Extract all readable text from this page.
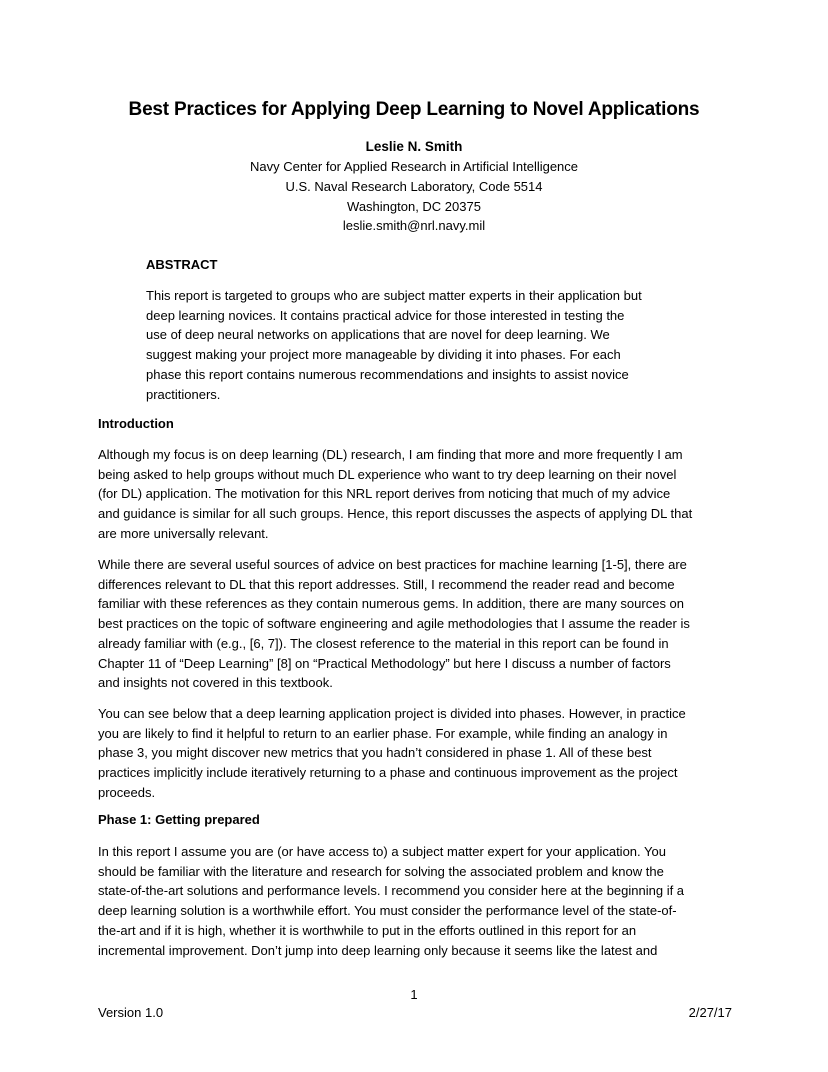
Best Practices for Applying Deep Learning to Novel Applications
Leslie N. Smith
Navy Center for Applied Research in Artificial Intelligence
U.S. Naval Research Laboratory, Code 5514
Washington, DC 20375
leslie.smith@nrl.navy.mil
ABSTRACT
This report is targeted to groups who are subject matter experts in their application but
deep learning novices. It contains practical advice for those interested in testing the
use of deep neural networks on applications that are novel for deep learning. We
suggest making your project more manageable by dividing it into phases. For each
phase this report contains numerous recommendations and insights to assist novice
practitioners.
Introduction
Although my focus is on deep learning (DL) research, I am finding that more and more frequently I am
being asked to help groups without much DL experience who want to try deep learning on their novel
(for DL) application. The motivation for this NRL report derives from noticing that much of my advice
and guidance is similar for all such groups. Hence, this report discusses the aspects of applying DL that
are more universally relevant.
While there are several useful sources of advice on best practices for machine learning [1-5], there are
differences relevant to DL that this report addresses. Still, I recommend the reader read and become
familiar with these references as they contain numerous gems. In addition, there are many sources on
best practices on the topic of software engineering and agile methodologies that I assume the reader is
already familiar with (e.g., [6, 7]). The closest reference to the material in this report can be found in
Chapter 11 of “Deep Learning” [8] on “Practical Methodology” but here I discuss a number of factors
and insights not covered in this textbook.
You can see below that a deep learning application project is divided into phases. However, in practice
you are likely to find it helpful to return to an earlier phase. For example, while finding an analogy in
phase 3, you might discover new metrics that you hadn’t considered in phase 1. All of these best
practices implicitly include iteratively returning to a phase and continuous improvement as the project
proceeds.
Phase 1: Getting prepared
In this report I assume you are (or have access to) a subject matter expert for your application. You
should be familiar with the literature and research for solving the associated problem and know the
state-of-the-art solutions and performance levels. I recommend you consider here at the beginning if a
deep learning solution is a worthwhile effort. You must consider the performance level of the state-of-
the-art and if it is high, whether it is worthwhile to put in the efforts outlined in this report for an
incremental improvement. Don’t jump into deep learning only because it seems like the latest and
1
Version 1.0	2/27/17
